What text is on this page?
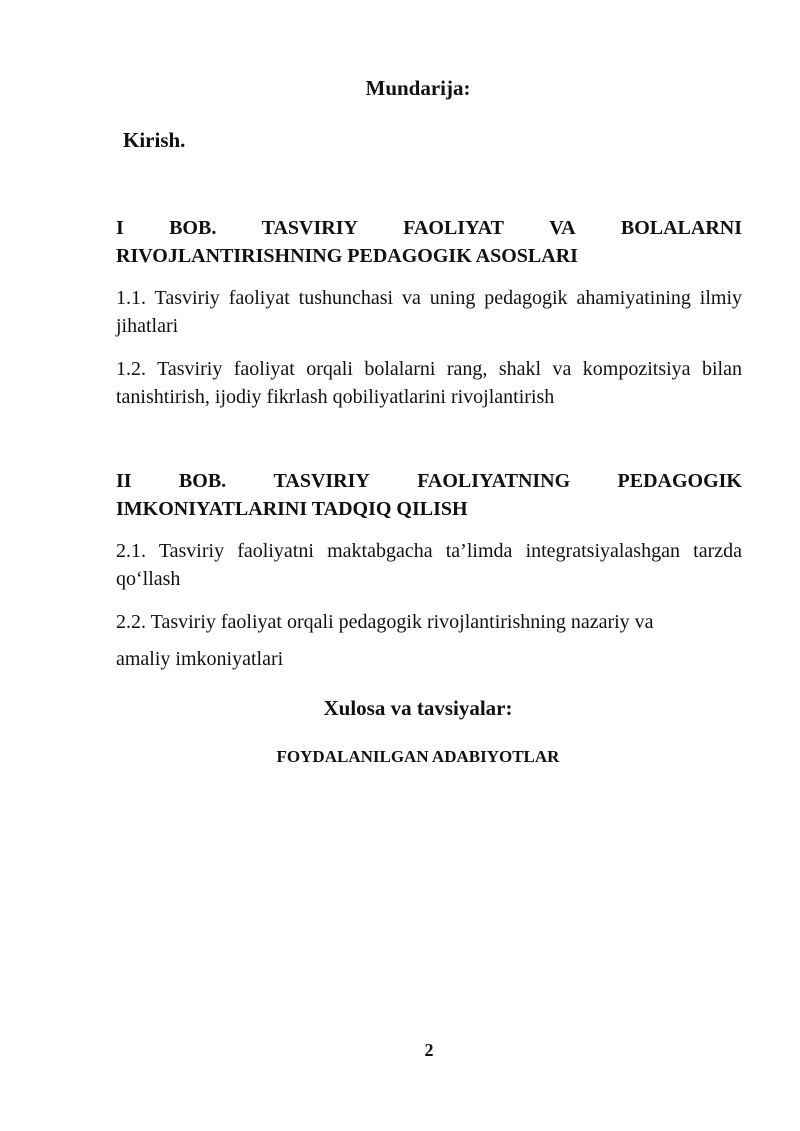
Mundarija:
Kirish.
I BOB. TASVIRIY FAOLIYAT VA BOLALARNI
RIVOJLANTIRISHNING PEDAGOGIK ASOSLARI
1.1. Tasviriy faoliyat tushunchasi va uning pedagogik ahamiyatining ilmiy jihatlari
1.2. Tasviriy faoliyat orqali bolalarni rang, shakl va kompozitsiya bilan tanishtirish, ijodiy fikrlash qobiliyatlarini rivojlantirish
II BOB. TASVIRIY FAOLIYATNING PEDAGOGIK
IMKONIYATLARINI TADQIQ QILISH
2.1. Tasviriy faoliyatni maktabgacha ta’limda integratsiyalashgan tarzda qo‘llash
2.2. Tasviriy faoliyat orqali pedagogik rivojlantirishning nazariy va
amaliy imkoniyatlari
Xulosa va tavsiyalar:
FOYDALANILGAN ADABIYOTLAR
2
